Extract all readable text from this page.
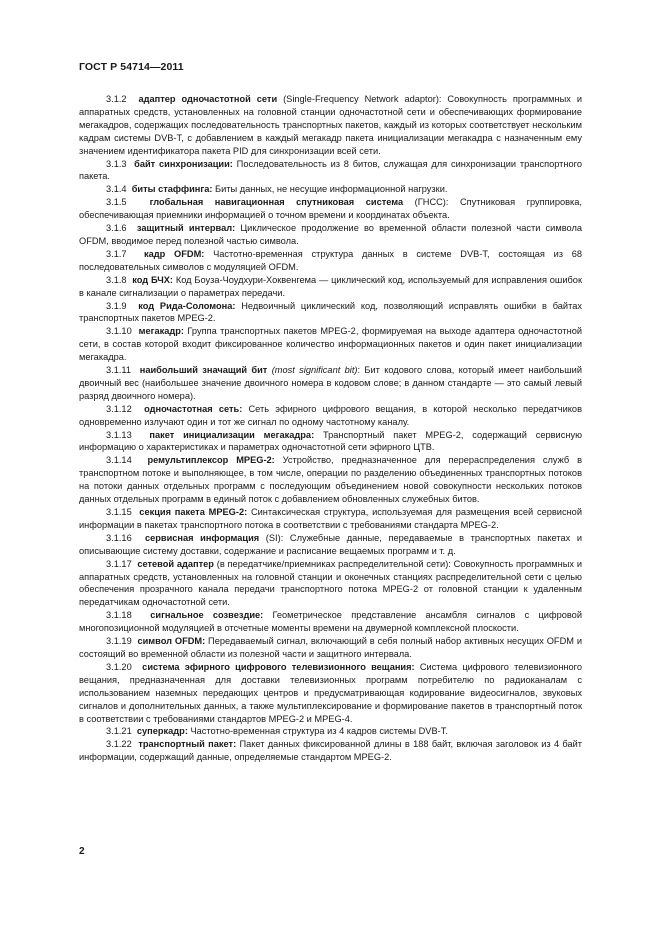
ГОСТ Р 54714—2011

3.1.2 адаптер одночастотной сети (Single-Frequency Network adaptor): Совокупность программных и аппаратных средств, установленных на головной станции одночастотной сети и обеспечивающих формирование мегакадров, содержащих последовательность транспортных пакетов, каждый из которых соответствует нескольким кадрам системы DVB-T, с добавлением в каждый мегакадр пакета инициализации мегакадра с назначенным ему значением идентификатора пакета PID для синхронизации всей сети.

3.1.3 байт синхронизации: Последовательность из 8 битов, служащая для синхронизации транспортного пакета.

3.1.4 биты стаффинга: Биты данных, не несущие информационной нагрузки.

3.1.5 глобальная навигационная спутниковая система (ГНСС): Спутниковая группировка, обеспечивающая приемники информацией о точном времени и координатах объекта.

3.1.6 защитный интервал: Циклическое продолжение во временной области полезной части символа OFDM, вводимое перед полезной частью символа.

3.1.7 кадр OFDM: Частотно-временная структура данных в системе DVB-T, состоящая из 68 последовательных символов с модуляцией OFDM.

3.1.8 код БЧХ: Код Боуза-Чоудхури-Хоквенгема — циклический код, используемый для исправления ошибок в канале сигнализации о параметрах передачи.

3.1.9 код Рида-Соломона: Недвоичный циклический код, позволяющий исправлять ошибки в байтах транспортных пакетов MPEG-2.

3.1.10 мегакадр: Группа транспортных пакетов MPEG-2, формируемая на выходе адаптера одночастотной сети, в состав которой входит фиксированное количество информационных пакетов и один пакет инициализации мегакадра.

3.1.11 наибольший значащий бит (most significant bit): Бит кодового слова, который имеет наибольший двоичный вес (наибольшее значение двоичного номера в кодовом слове; в данном стандарте — это самый левый разряд двоичного номера).

3.1.12 одночастотная сеть: Сеть эфирного цифрового вещания, в которой несколько передатчиков одновременно излучают один и тот же сигнал по одному частотному каналу.

3.1.13 пакет инициализации мегакадра: Транспортный пакет MPEG-2, содержащий сервисную информацию о характеристиках и параметрах одночастотной сети эфирного ЦТВ.

3.1.14 ремультиплексор MPEG-2: Устройство, предназначенное для перераспределения служб в транспортном потоке и выполняющее, в том числе, операции по разделению объединенных транспортных потоков на потоки данных отдельных программ с последующим объединением новой совокупности нескольких потоков данных отдельных программ в единый поток с добавлением обновленных служебных битов.

3.1.15 секция пакета MPEG-2: Синтаксическая структура, используемая для размещения всей сервисной информации в пакетах транспортного потока в соответствии с требованиями стандарта MPEG-2.

3.1.16 сервисная информация (SI): Служебные данные, передаваемые в транспортных пакетах и описывающие систему доставки, содержание и расписание вещаемых программ и т. д.

3.1.17 сетевой адаптер (в передатчике/приемниках распределительной сети): Совокупность программных и аппаратных средств, установленных на головной станции и оконечных станциях распределительной сети с целью обеспечения прозрачного канала передачи транспортного потока MPEG-2 от головной станции к удаленным передатчикам одночастотной сети.

3.1.18 сигнальное созвездие: Геометрическое представление ансамбля сигналов с цифровой многопозиционной модуляцией в отсчетные моменты времени на двумерной комплексной плоскости.

3.1.19 символ OFDM: Передаваемый сигнал, включающий в себя полный набор активных несущих OFDM и состоящий во временной области из полезной части и защитного интервала.

3.1.20 система эфирного цифрового телевизионного вещания: Система цифрового телевизионного вещания, предназначенная для доставки телевизионных программ потребителю по радиоканалам с использованием наземных передающих центров и предусматривающая кодирование видеосигналов, звуковых сигналов и дополнительных данных, а также мультиплексирование и формирование пакетов в транспортный поток в соответствии с требованиями стандартов MPEG-2 и MPEG-4.

3.1.21 суперкадр: Частотно-временная структура из 4 кадров системы DVB-T.

3.1.22 транспортный пакет: Пакет данных фиксированной длины в 188 байт, включая заголовок из 4 байт информации, содержащий данные, определяемые стандартом MPEG-2.

2
